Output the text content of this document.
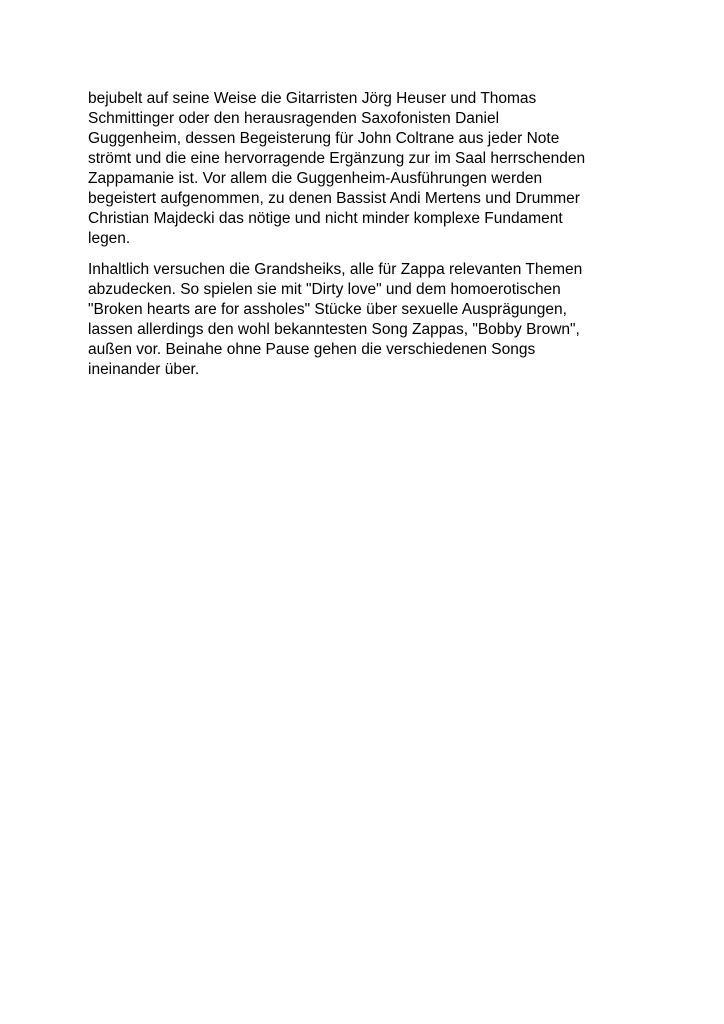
bejubelt auf seine Weise die Gitarristen Jörg Heuser und Thomas
Schmittinger oder den herausragenden Saxofonisten Daniel
Guggenheim, dessen Begeisterung für John Coltrane aus jeder Note
strömt und die eine hervorragende Ergänzung zur im Saal herrschenden
Zappamanie ist. Vor allem die Guggenheim-Ausführungen werden
begeistert aufgenommen, zu denen Bassist Andi Mertens und Drummer
Christian Majdecki das nötige und nicht minder komplexe Fundament
legen.
Inhaltlich versuchen die Grandsheiks, alle für Zappa relevanten Themen
abzudecken. So spielen sie mit "Dirty love" und dem homoerotischen
"Broken hearts are for assholes" Stücke über sexuelle Ausprägungen,
lassen allerdings den wohl bekanntesten Song Zappas, "Bobby Brown",
außen vor. Beinahe ohne Pause gehen die verschiedenen Songs
ineinander über.
